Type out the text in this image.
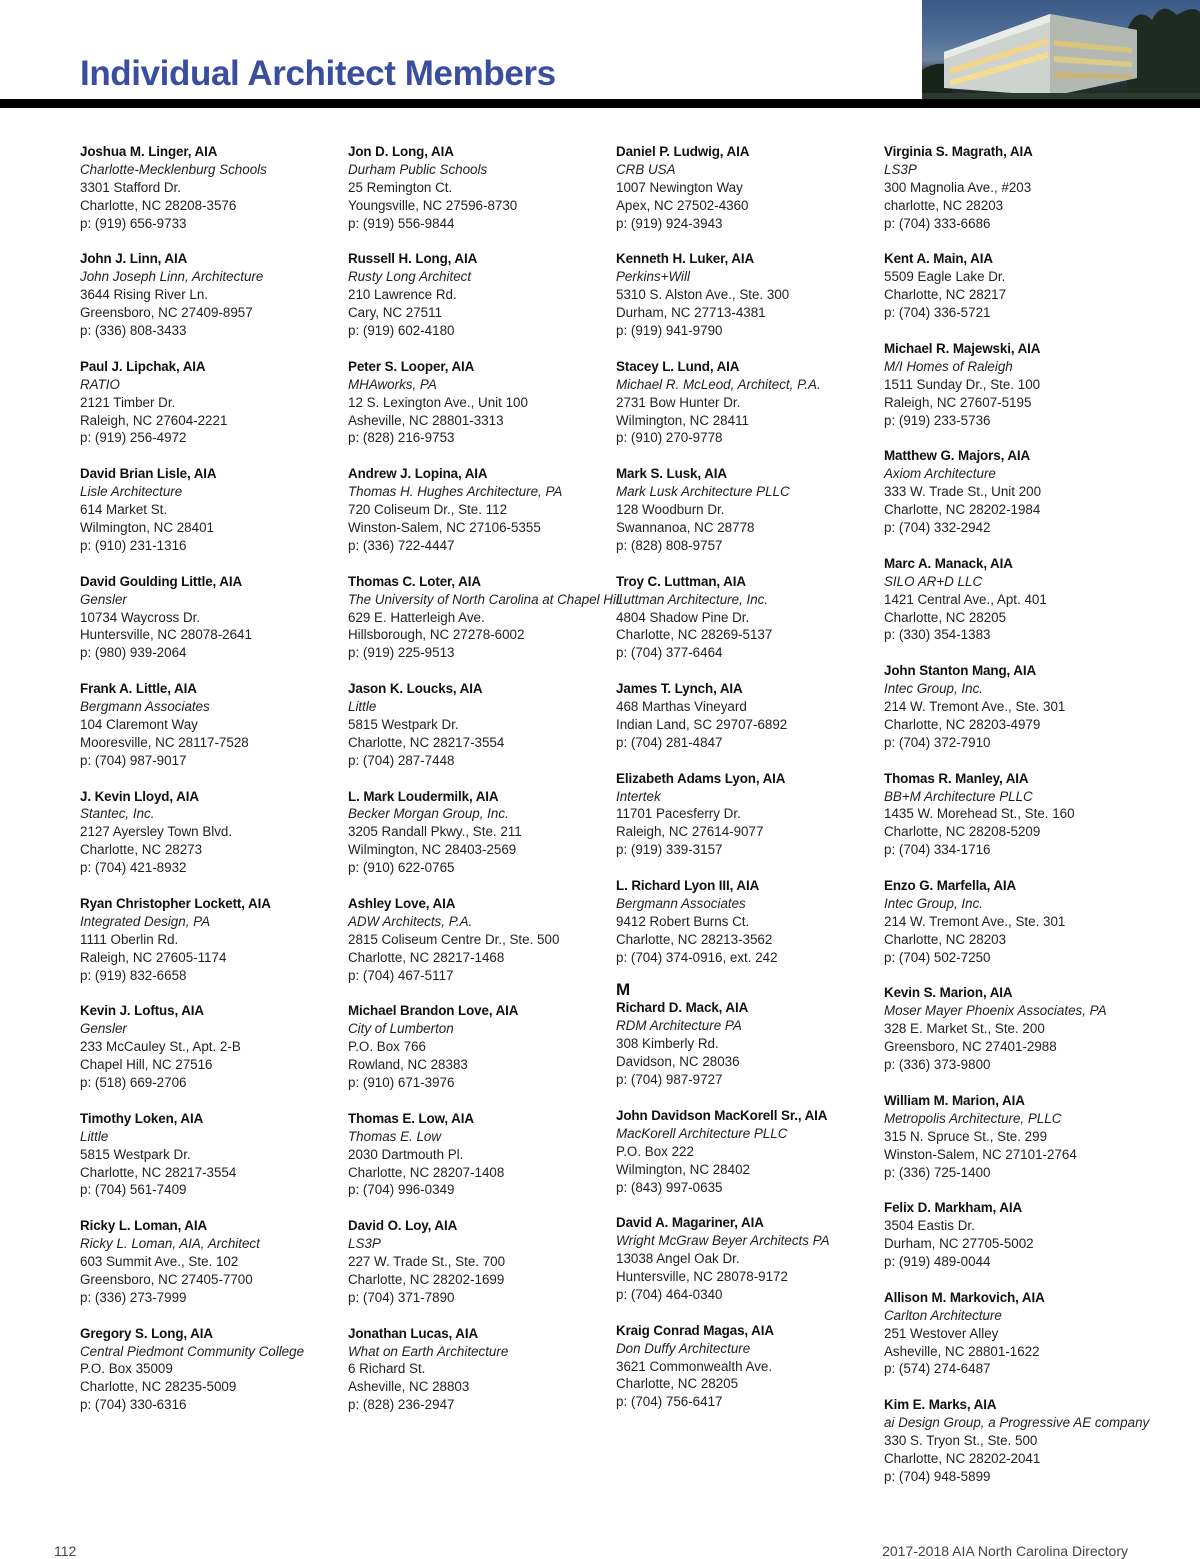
Individual Architect Members
Joshua M. Linger, AIA
Charlotte-Mecklenburg Schools
3301 Stafford Dr.
Charlotte, NC 28208-3576
p: (919) 656-9733
John J. Linn, AIA
John Joseph Linn, Architecture
3644 Rising River Ln.
Greensboro, NC 27409-8957
p: (336) 808-3433
Paul J. Lipchak, AIA
RATIO
2121 Timber Dr.
Raleigh, NC 27604-2221
p: (919) 256-4972
David Brian Lisle, AIA
Lisle Architecture
614 Market St.
Wilmington, NC 28401
p: (910) 231-1316
David Goulding Little, AIA
Gensler
10734 Waycross Dr.
Huntersville, NC 28078-2641
p: (980) 939-2064
Frank A. Little, AIA
Bergmann Associates
104 Claremont Way
Mooresville, NC 28117-7528
p: (704) 987-9017
J. Kevin Lloyd, AIA
Stantec, Inc.
2127 Ayersley Town Blvd.
Charlotte, NC 28273
p: (704) 421-8932
Ryan Christopher Lockett, AIA
Integrated Design, PA
1111 Oberlin Rd.
Raleigh, NC 27605-1174
p: (919) 832-6658
Kevin J. Loftus, AIA
Gensler
233 McCauley St., Apt. 2-B
Chapel Hill, NC 27516
p: (518) 669-2706
Timothy Loken, AIA
Little
5815 Westpark Dr.
Charlotte, NC 28217-3554
p: (704) 561-7409
Ricky L. Loman, AIA
Ricky L. Loman, AIA, Architect
603 Summit Ave., Ste. 102
Greensboro, NC 27405-7700
p: (336) 273-7999
Gregory S. Long, AIA
Central Piedmont Community College
P.O. Box 35009
Charlotte, NC 28235-5009
p: (704) 330-6316
Jon D. Long, AIA
Durham Public Schools
25 Remington Ct.
Youngsville, NC 27596-8730
p: (919) 556-9844
Russell H. Long, AIA
Rusty Long Architect
210 Lawrence Rd.
Cary, NC 27511
p: (919) 602-4180
Peter S. Looper, AIA
MHAworks, PA
12 S. Lexington Ave., Unit 100
Asheville, NC 28801-3313
p: (828) 216-9753
Andrew J. Lopina, AIA
Thomas H. Hughes Architecture, PA
720 Coliseum Dr., Ste. 112
Winston-Salem, NC 27106-5355
p: (336) 722-4447
Thomas C. Loter, AIA
The University of North Carolina at Chapel Hill
629 E. Hatterleigh Ave.
Hillsborough, NC 27278-6002
p: (919) 225-9513
Jason K. Loucks, AIA
Little
5815 Westpark Dr.
Charlotte, NC 28217-3554
p: (704) 287-7448
L. Mark Loudermilk, AIA
Becker Morgan Group, Inc.
3205 Randall Pkwy., Ste. 211
Wilmington, NC 28403-2569
p: (910) 622-0765
Ashley Love, AIA
ADW Architects, P.A.
2815 Coliseum Centre Dr., Ste. 500
Charlotte, NC 28217-1468
p: (704) 467-5117
Michael Brandon Love, AIA
City of Lumberton
P.O. Box 766
Rowland, NC 28383
p: (910) 671-3976
Thomas E. Low, AIA
Thomas E. Low
2030 Dartmouth Pl.
Charlotte, NC 28207-1408
p: (704) 996-0349
David O. Loy, AIA
LS3P
227 W. Trade St., Ste. 700
Charlotte, NC 28202-1699
p: (704) 371-7890
Jonathan Lucas, AIA
What on Earth Architecture
6 Richard St.
Asheville, NC 28803
p: (828) 236-2947
Daniel P. Ludwig, AIA
CRB USA
1007 Newington Way
Apex, NC 27502-4360
p: (919) 924-3943
Kenneth H. Luker, AIA
Perkins+Will
5310 S. Alston Ave., Ste. 300
Durham, NC 27713-4381
p: (919) 941-9790
Stacey L. Lund, AIA
Michael R. McLeod, Architect, P.A.
2731 Bow Hunter Dr.
Wilmington, NC 28411
p: (910) 270-9778
Mark S. Lusk, AIA
Mark Lusk Architecture PLLC
128 Woodburn Dr.
Swannanoa, NC 28778
p: (828) 808-9757
Troy C. Luttman, AIA
Luttman Architecture, Inc.
4804 Shadow Pine Dr.
Charlotte, NC 28269-5137
p: (704) 377-6464
James T. Lynch, AIA
468 Marthas Vineyard
Indian Land, SC 29707-6892
p: (704) 281-4847
Elizabeth Adams Lyon, AIA
Intertek
11701 Pacesferry Dr.
Raleigh, NC 27614-9077
p: (919) 339-3157
L. Richard Lyon III, AIA
Bergmann Associates
9412 Robert Burns Ct.
Charlotte, NC 28213-3562
p: (704) 374-0916, ext. 242
M
Richard D. Mack, AIA
RDM Architecture PA
308 Kimberly Rd.
Davidson, NC 28036
p: (704) 987-9727
John Davidson MacKorell Sr., AIA
MacKorell Architecture PLLC
P.O. Box 222
Wilmington, NC 28402
p: (843) 997-0635
David A. Magariner, AIA
Wright McGraw Beyer Architects PA
13038 Angel Oak Dr.
Huntersville, NC 28078-9172
p: (704) 464-0340
Kraig Conrad Magas, AIA
Don Duffy Architecture
3621 Commonwealth Ave.
Charlotte, NC 28205
p: (704) 756-6417
Virginia S. Magrath, AIA
LS3P
300 Magnolia Ave., #203
charlotte, NC 28203
p: (704) 333-6686
Kent A. Main, AIA
5509 Eagle Lake Dr.
Charlotte, NC 28217
p: (704) 336-5721
Michael R. Majewski, AIA
M/I Homes of Raleigh
1511 Sunday Dr., Ste. 100
Raleigh, NC 27607-5195
p: (919) 233-5736
Matthew G. Majors, AIA
Axiom Architecture
333 W. Trade St., Unit 200
Charlotte, NC 28202-1984
p: (704) 332-2942
Marc A. Manack, AIA
SILO AR+D LLC
1421 Central Ave., Apt. 401
Charlotte, NC 28205
p: (330) 354-1383
John Stanton Mang, AIA
Intec Group, Inc.
214 W. Tremont Ave., Ste. 301
Charlotte, NC 28203-4979
p: (704) 372-7910
Thomas R. Manley, AIA
BB+M Architecture PLLC
1435 W. Morehead St., Ste. 160
Charlotte, NC 28208-5209
p: (704) 334-1716
Enzo G. Marfella, AIA
Intec Group, Inc.
214 W. Tremont Ave., Ste. 301
Charlotte, NC 28203
p: (704) 502-7250
Kevin S. Marion, AIA
Moser Mayer Phoenix Associates, PA
328 E. Market St., Ste. 200
Greensboro, NC 27401-2988
p: (336) 373-9800
William M. Marion, AIA
Metropolis Architecture, PLLC
315 N. Spruce St., Ste. 299
Winston-Salem, NC 27101-2764
p: (336) 725-1400
Felix D. Markham, AIA
3504 Eastis Dr.
Durham, NC 27705-5002
p: (919) 489-0044
Allison M. Markovich, AIA
Carlton Architecture
251 Westover Alley
Asheville, NC 28801-1622
p: (574) 274-6487
Kim E. Marks, AIA
ai Design Group, a Progressive AE company
330 S. Tryon St., Ste. 500
Charlotte, NC 28202-2041
p: (704) 948-5899
112	2017-2018 AIA North Carolina Directory
